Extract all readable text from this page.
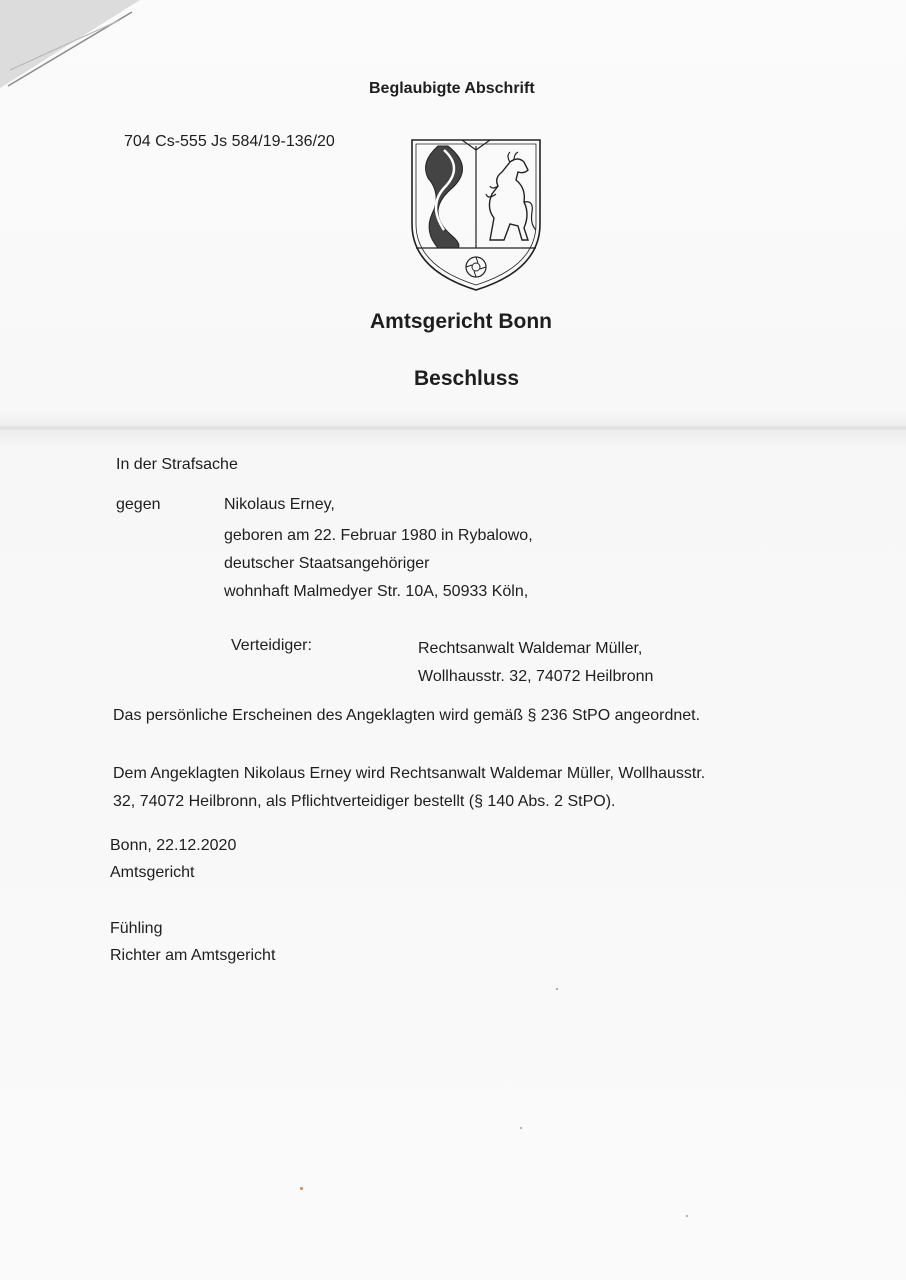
Beglaubigte Abschrift
704 Cs-555 Js 584/19-136/20
Amtsgericht Bonn
Beschluss
In der Strafsache
gegen	Nikolaus Erney,
geboren am 22. Februar 1980 in Rybalowo,
deutscher Staatsangehöriger
wohnhaft Malmedyer Str. 10A, 50933 Köln,
Verteidiger:	Rechtsanwalt Waldemar Müller,
Wollhausstr. 32, 74072 Heilbronn
Das persönliche Erscheinen des Angeklagten wird gemäß § 236 StPO angeordnet.
Dem Angeklagten Nikolaus Erney wird Rechtsanwalt Waldemar Müller, Wollhausstr.
32, 74072 Heilbronn, als Pflichtverteidiger bestellt (§ 140 Abs. 2 StPO).
Bonn, 22.12.2020
Amtsgericht
Fühling
Richter am Amtsgericht
